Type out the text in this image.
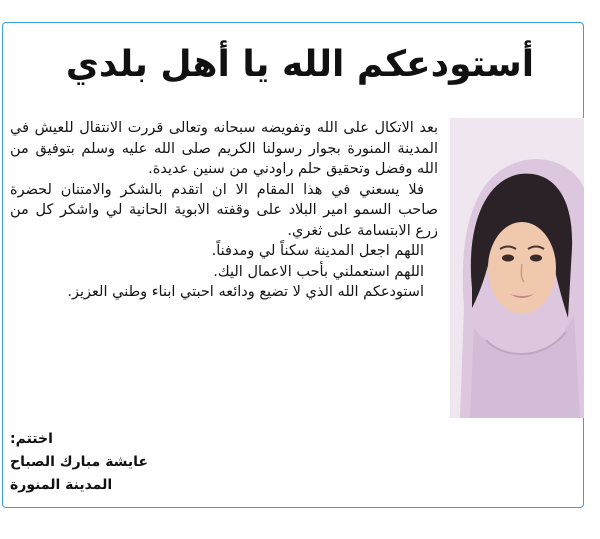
أستودعكم الله يا أهل بلدي

بعد الاتكال على الله وتفويضه سبحانه وتعالى قررت الانتقال للعيش في المدينة المنورة بجوار رسولنا الكريم صلى الله عليه وسلم بتوفيق من الله وفضل وتحقيق حلم راودني من سنين عديدة.

فلا يسعني في هذا المقام الا ان اتقدم بالشكر والامتنان لحضرة صاحب السمو امير البلاد على وقفته الابوية الحانية لي واشكر كل من زرع الابتسامة على ثغري.

اللهم اجعل المدينة سكناً لي ومدفناً.

اللهم استعملني بأحب الاعمال اليك.

استودعكم الله الذي لا تضيع ودائعه احبتي ابناء وطني العزيز.

اختتم:
عايشة مبارك الصباح
المدينة المنورة
